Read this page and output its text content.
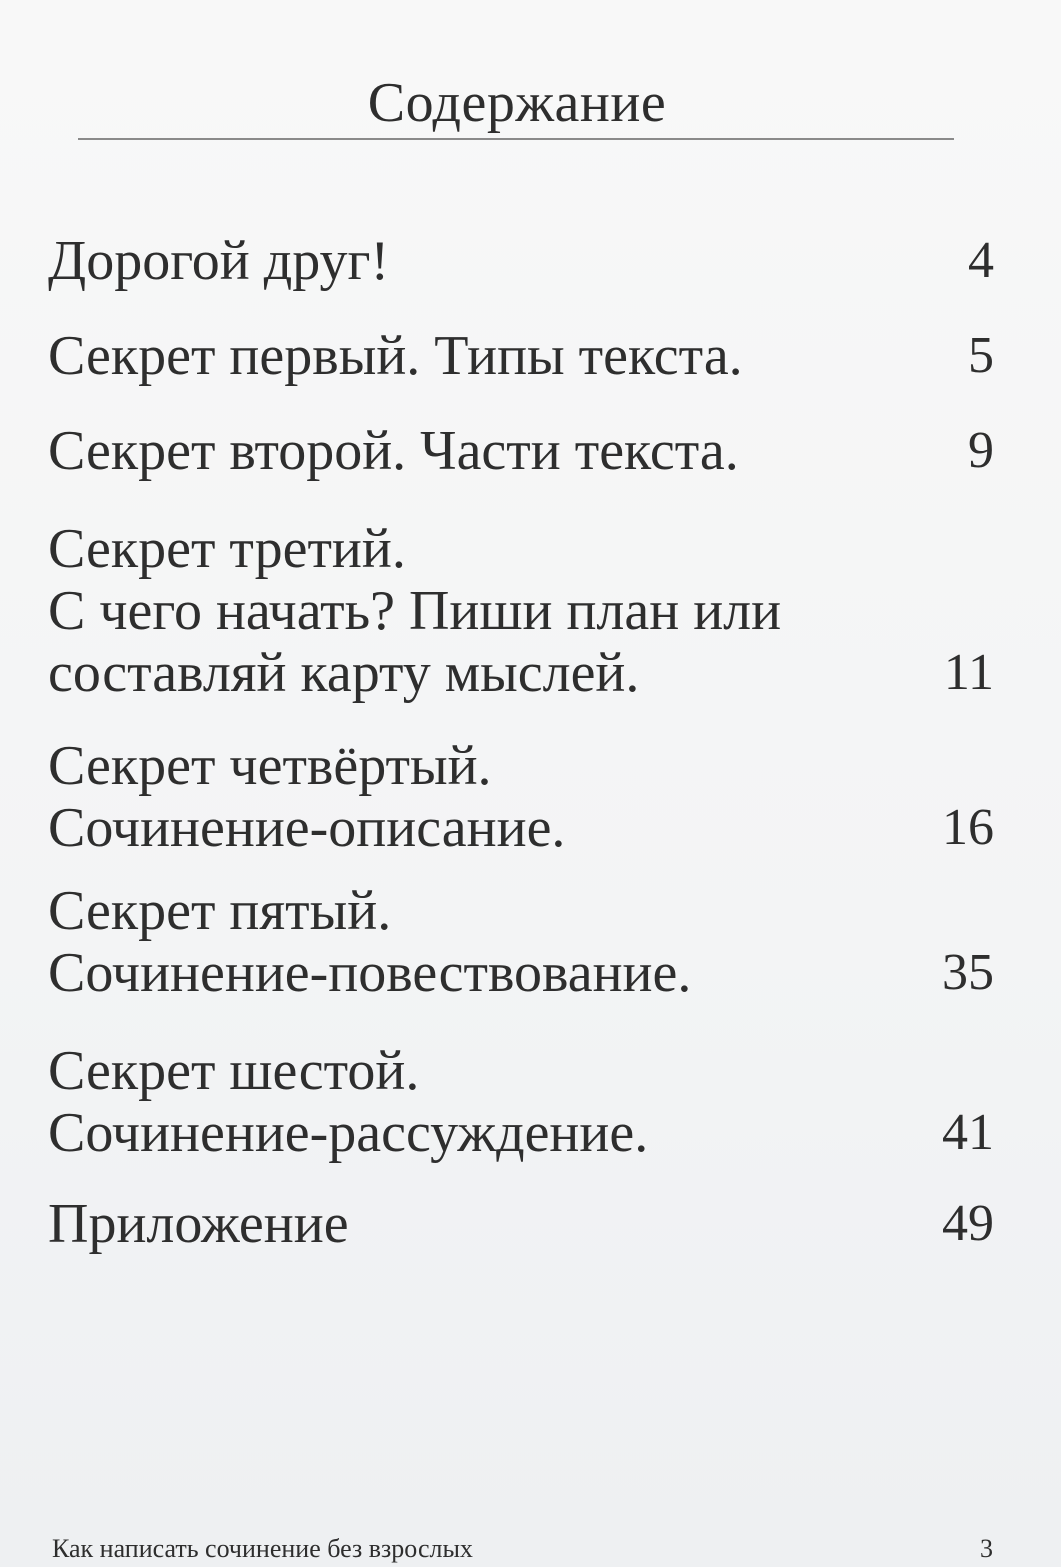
Содержание
Дорогой друг!	4
Секрет первый. Типы текста.	5
Секрет второй. Части текста.	9
Секрет третий.
С чего начать? Пиши план или
составляй карту мыслей.	11
Секрет четвёртый.
Сочинение-описание.	16
Секрет пятый.
Сочинение-повествование.	35
Секрет шестой.
Сочинение-рассуждение.	41
Приложение	49
Как написать сочинение без взрослых	3
